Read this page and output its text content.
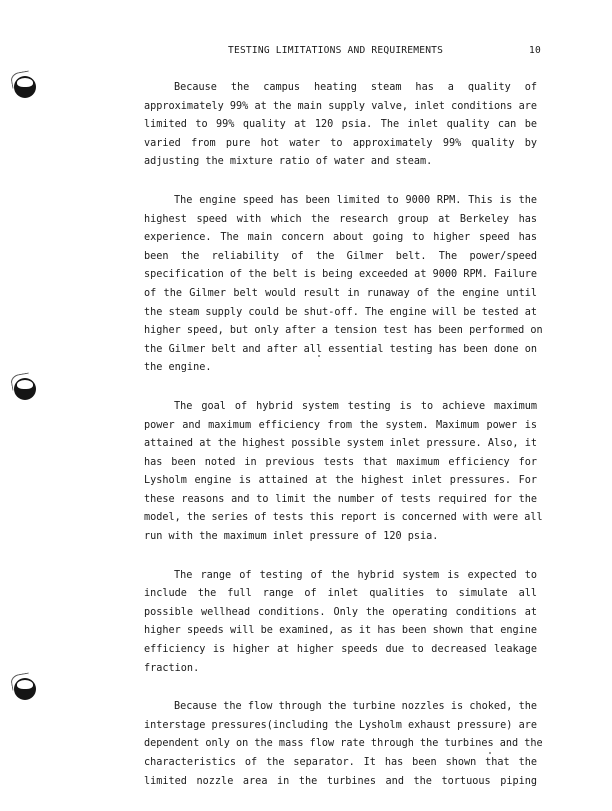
TESTING LIMITATIONS AND REQUIREMENTS	10
Because the campus heating steam has a quality of
approximately 99% at the main supply valve, inlet conditions are
limited to 99% quality at 120 psia. The inlet quality can be
varied from pure hot water to approximately 99% quality by
adjusting the mixture ratio of water and steam.
The engine speed has been limited to 9000 RPM. This is the
highest speed with which the research group at Berkeley has
experience. The main concern about going to higher speed has
been the reliability of the Gilmer belt. The power/speed
specification of the belt is being exceeded at 9000 RPM. Failure
of the Gilmer belt would result in runaway of the engine until
the steam supply could be shut-off. The engine will be tested at
higher speed, but only after a tension test has been performed on
the Gilmer belt and after all essential testing has been done on
the engine.
The goal of hybrid system testing is to achieve maximum
power and maximum efficiency from the system. Maximum power is
attained at the highest possible system inlet pressure. Also, it
has been noted in previous tests that maximum efficiency for
Lysholm engine is attained at the highest inlet pressures. For
these reasons and to limit the number of tests required for the
model, the series of tests this report is concerned with were all
run with the maximum inlet pressure of 120 psia.
The range of testing of the hybrid system is expected to
include the full range of inlet qualities to simulate all
possible wellhead conditions. Only the operating conditions at
higher speeds will be examined, as it has been shown that engine
efficiency is higher at higher speeds due to decreased leakage
fraction.
Because the flow through the turbine nozzles is choked, the
interstage pressures(including the Lysholm exhaust pressure) are
dependent only on the mass flow rate through the turbines and the
characteristics of the separator. It has been shown that the
limited nozzle area in the turbines and the tortuous piping
